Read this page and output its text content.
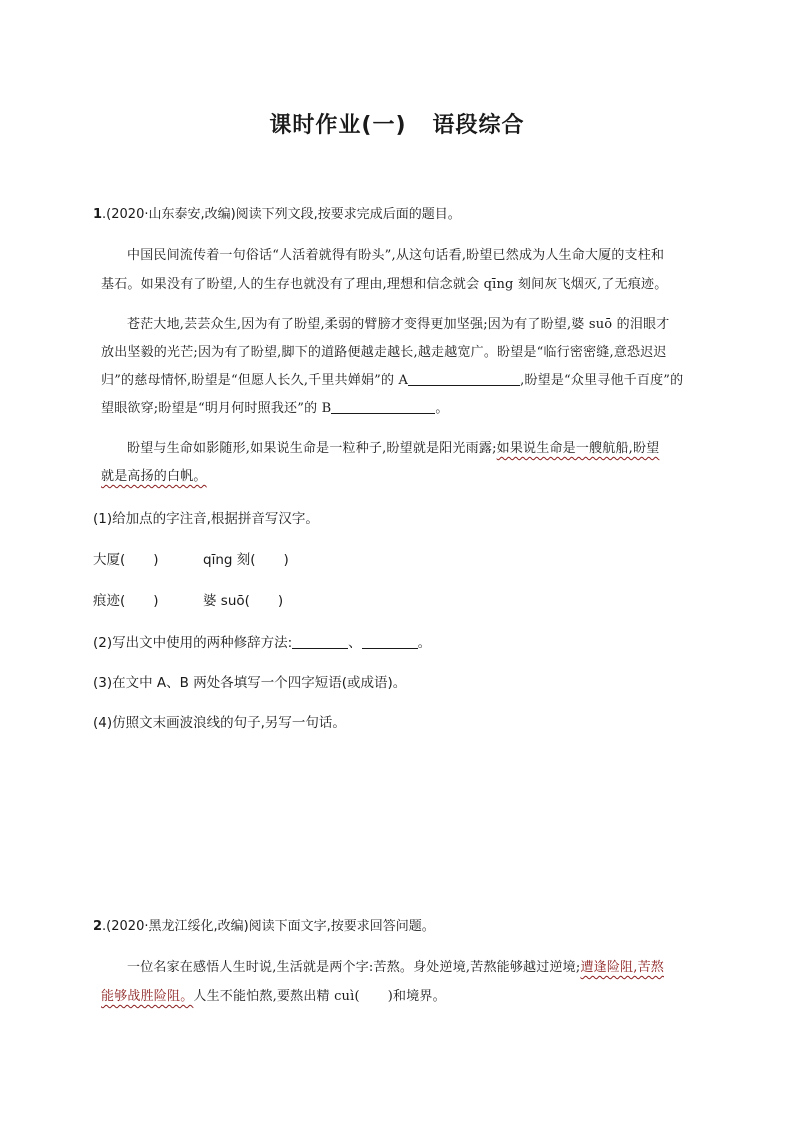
课时作业(一) 语段综合
1.(2020·山东泰安,改编)阅读下列文段,按要求完成后面的题目。
中国民间流传着一句俗话“人活着就得有盼头”,从这句话看,盼望已然成为人生命大厦的支柱和
基石。如果没有了盼望,人的生存也就没有了理由,理想和信念就会 qīng 刻间灰飞烟灭,了无痕迹。
苍茫大地,芸芸众生,因为有了盼望,柔弱的臂膀才变得更加坚强;因为有了盼望,婆 suō 的泪眼才
放出坚毅的光芒;因为有了盼望,脚下的道路便越走越长,越走越宽广。盼望是“临行密密缝,意恐迟迟
归”的慈母情怀,盼望是“但愿人长久,千里共婵娟”的 A	,盼望是“众里寻他千百度”的
望眼欲穿;盼望是“明月何时照我还”的 B	。
盼望与生命如影随形,如果说生命是一粒种子,盼望就是阳光雨露;如果说生命是一艘航船,盼望
就是高扬的白帆。
(1)给加点的字注音,根据拼音写汉字。
大厦( )	qīng 刻( )
痕迹( )	婆 suō( )
(2)写出文中使用的两种修辞方法:	、	。
(3)在文中 A、B 两处各填写一个四字短语(或成语)。
(4)仿照文末画波浪线的句子,另写一句话。
2.(2020·黑龙江绥化,改编)阅读下面文字,按要求回答问题。
一位名家在感悟人生时说,生活就是两个字:苦熬。身处逆境,苦熬能够越过逆境;遭逢险阻,苦熬
能够战胜险阻。人生不能怕熬,要熬出精 cuì( )和境界。
